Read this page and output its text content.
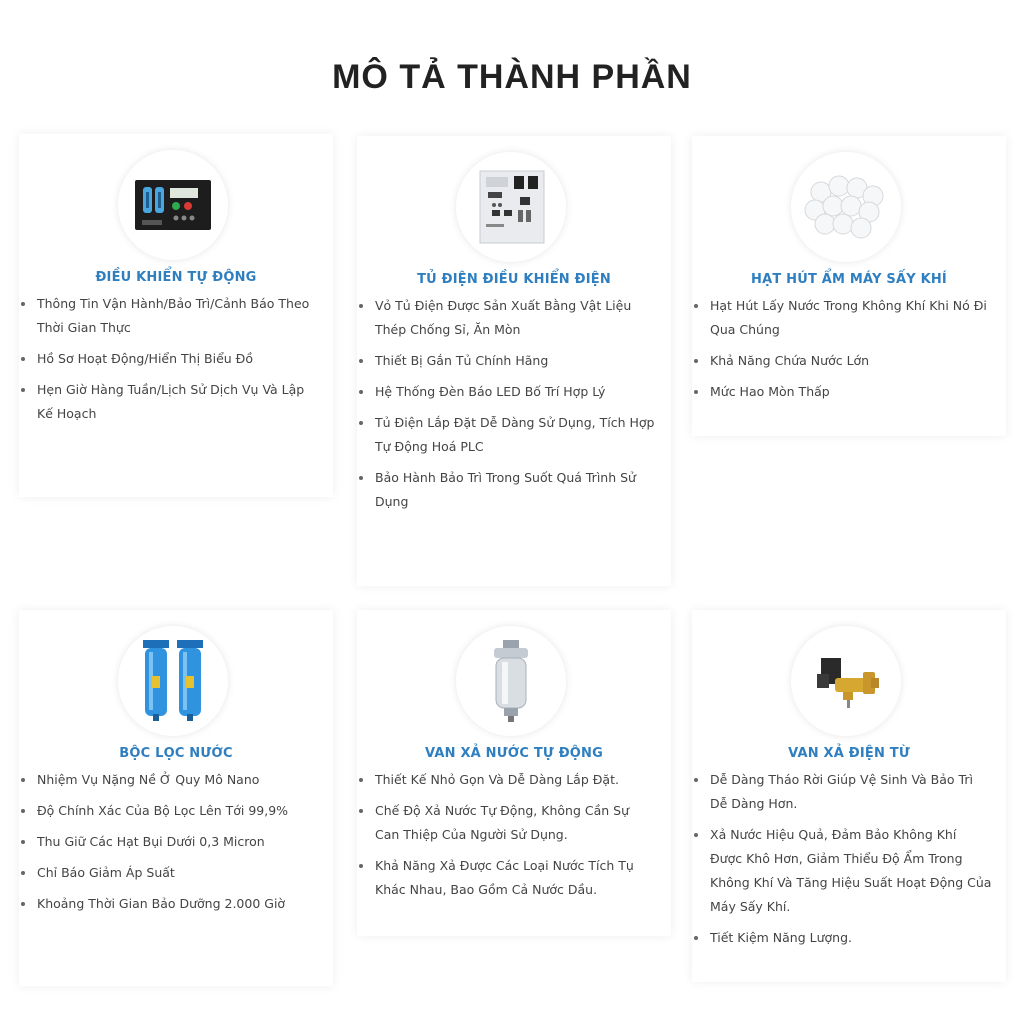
MÔ TẢ THÀNH PHẦN
ĐIỀU KHIỂN TỰ ĐỘNG
Thông Tin Vận Hành/Bảo Trì/Cảnh Báo Theo Thời Gian Thực
Hồ Sơ Hoạt Động/Hiển Thị Biểu Đồ
Hẹn Giờ Hàng Tuần/Lịch Sử Dịch Vụ Và Lập Kế Hoạch
TỦ ĐIỆN ĐIỀU KHIỂN ĐIỆN
Vỏ Tủ Điện Được Sản Xuất Bằng Vật Liệu Thép Chống Sỉ, Ăn Mòn
Thiết Bị Gắn Tủ Chính Hãng
Hệ Thống Đèn Báo LED Bố Trí Hợp Lý
Tủ Điện Lắp Đặt Dễ Dàng Sử Dụng, Tích Hợp Tự Động Hoá PLC
Bảo Hành Bảo Trì Trong Suốt Quá Trình Sử Dụng
HẠT HÚT ẨM MÁY SẤY KHÍ
Hạt Hút Lấy Nước Trong Không Khí Khi Nó Đi Qua Chúng
Khả Năng Chứa Nước Lớn
Mức Hao Mòn Thấp
BỘC LỌC NƯỚC
Nhiệm Vụ Nặng Nề Ở Quy Mô Nano
Độ Chính Xác Của Bộ Lọc Lên Tới 99,9%
Thu Giữ Các Hạt Bụi Dưới 0,3 Micron
Chỉ Báo Giảm Áp Suất
Khoảng Thời Gian Bảo Dưỡng 2.000 Giờ
VAN XẢ NƯỚC TỰ ĐỘNG
Thiết Kế Nhỏ Gọn Và Dễ Dàng Lắp Đặt.
Chế Độ Xả Nước Tự Động, Không Cần Sự Can Thiệp Của Người Sử Dụng.
Khả Năng Xả Được Các Loại Nước Tích Tụ Khác Nhau, Bao Gồm Cả Nước Dầu.
VAN XẢ ĐIỆN TỪ
Dễ Dàng Tháo Rời Giúp Vệ Sinh Và Bảo Trì Dễ Dàng Hơn.
Xả Nước Hiệu Quả, Đảm Bảo Không Khí Được Khô Hơn, Giảm Thiểu Độ Ẩm Trong Không Khí Và Tăng Hiệu Suất Hoạt Động Của Máy Sấy Khí.
Tiết Kiệm Năng Lượng.
